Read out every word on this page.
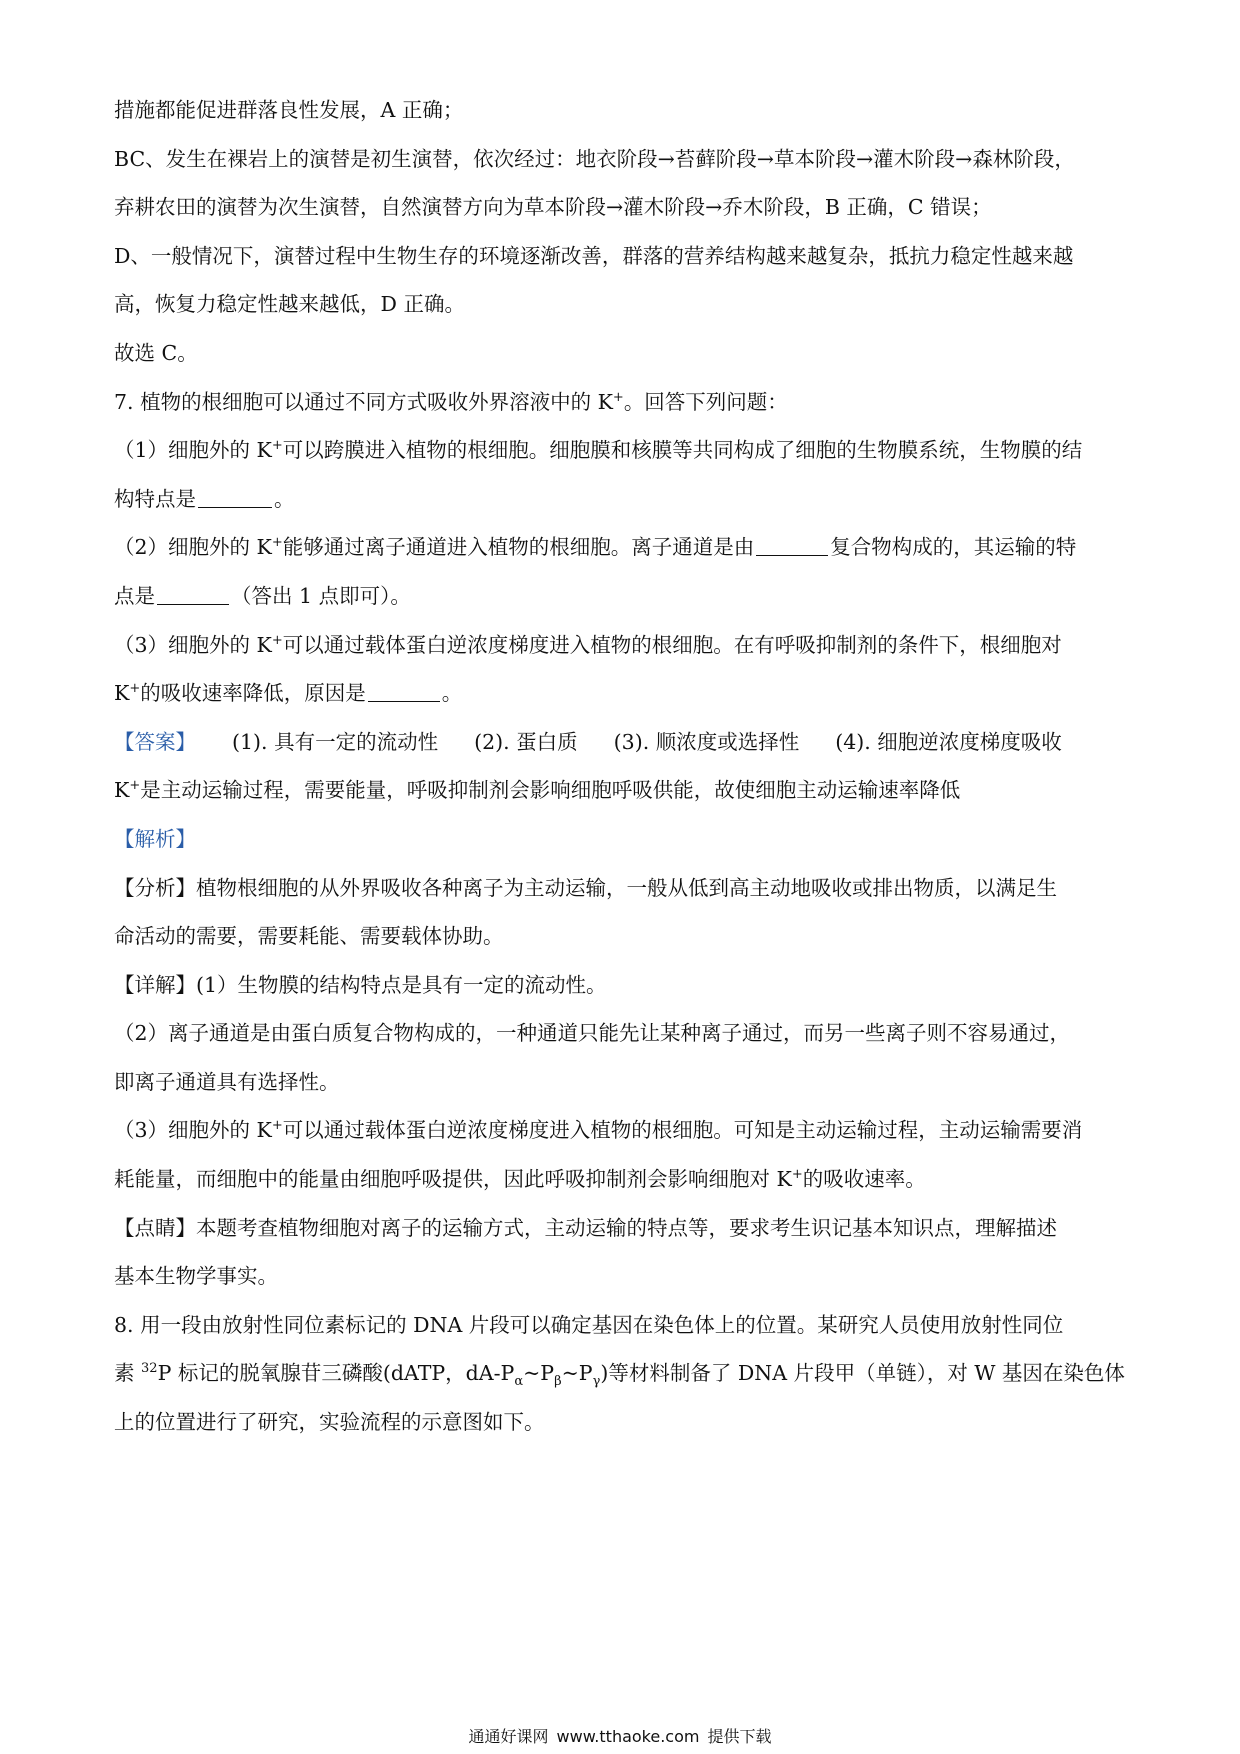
措施都能促进群落良性发展，A 正确；
BC、发生在裸岩上的演替是初生演替，依次经过：地衣阶段→苔藓阶段→草本阶段→灌木阶段→森林阶段，
弃耕农田的演替为次生演替，自然演替方向为草本阶段→灌木阶段→乔木阶段，B 正确，C 错误；
D、一般情况下，演替过程中生物生存的环境逐渐改善，群落的营养结构越来越复杂，抵抗力稳定性越来越
高，恢复力稳定性越来越低，D 正确。
故选 C。
7. 植物的根细胞可以通过不同方式吸收外界溶液中的 K+。回答下列问题：
（1）细胞外的 K+可以跨膜进入植物的根细胞。细胞膜和核膜等共同构成了细胞的生物膜系统，生物膜的结
构特点是	。
（2）细胞外的 K+能够通过离子通道进入植物的根细胞。离子通道是由	复合物构成的，其运输的特
点是	（答出 1 点即可）。
（3）细胞外的 K+可以通过载体蛋白逆浓度梯度进入植物的根细胞。在有呼吸抑制剂的条件下，根细胞对
K+的吸收速率降低，原因是	。
【答案】 (1). 具有一定的流动性 (2). 蛋白质 (3). 顺浓度或选择性 (4). 细胞逆浓度梯度吸收
K+是主动运输过程，需要能量，呼吸抑制剂会影响细胞呼吸供能，故使细胞主动运输速率降低
【解析】
【分析】植物根细胞的从外界吸收各种离子为主动运输，一般从低到高主动地吸收或排出物质，以满足生
命活动的需要，需要耗能、需要载体协助。
【详解】(1）生物膜的结构特点是具有一定的流动性。
（2）离子通道是由蛋白质复合物构成的，一种通道只能先让某种离子通过，而另一些离子则不容易通过，
即离子通道具有选择性。
（3）细胞外的 K+可以通过载体蛋白逆浓度梯度进入植物的根细胞。可知是主动运输过程，主动运输需要消
耗能量，而细胞中的能量由细胞呼吸提供，因此呼吸抑制剂会影响细胞对 K+的吸收速率。
【点睛】本题考查植物细胞对离子的运输方式，主动运输的特点等，要求考生识记基本知识点，理解描述
基本生物学事实。
8. 用一段由放射性同位素标记的 DNA 片段可以确定基因在染色体上的位置。某研究人员使用放射性同位
素 $^{32}$P 标记的脱氧腺苷三磷酸(dATP，$dA-P_\alpha\sim P_\beta\sim P_\gamma$)等材料制备了 DNA 片段甲（单链），对 W 基因在染色体
上的位置进行了研究，实验流程的示意图如下。
通通好课网 www.tthaoke.com 提供下载
